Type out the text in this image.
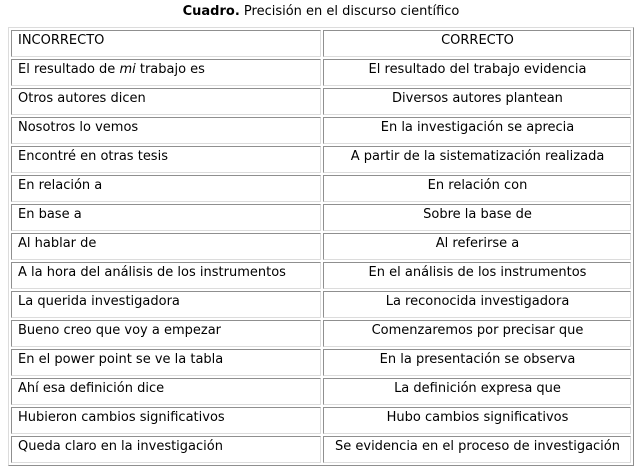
Cuadro. Precisión en el discurso científico
INCORRECTO	CORRECTO
El resultado de mi trabajo es	El resultado del trabajo evidencia
Otros autores dicen	Diversos autores plantean
Nosotros lo vemos	En la investigación se aprecia
Encontré en otras tesis	A partir de la sistematización realizada
En relación a	En relación con
En base a	Sobre la base de
Al hablar de	Al referirse a
A la hora del análisis de los instrumentos	En el análisis de los instrumentos
La querida investigadora	La reconocida investigadora
Bueno creo que voy a empezar	Comenzaremos por precisar que
En el power point se ve la tabla	En la presentación se observa
Ahí esa definición dice	La definición expresa que
Hubieron cambios significativos	Hubo cambios significativos
Queda claro en la investigación	Se evidencia en el proceso de investigación
